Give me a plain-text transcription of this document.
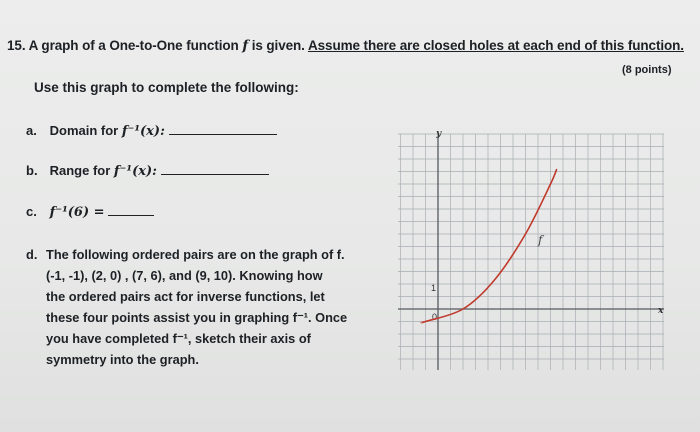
15. A graph of a One-to-One function f is given. Assume there are closed holes at each end of this function.
(8 points)
Use this graph to complete the following:
a. Domain for f⁻¹(x):
b. Range for f⁻¹(x):
c. f⁻¹(6) =
d. The following ordered pairs are on the graph of f.
(-1, -1), (2, 0) , (7, 6), and (9, 10). Knowing how
the ordered pairs act for inverse functions, let
these four points assist you in graphing f⁻¹. Once
you have completed f⁻¹, sketch their axis of
symmetry into the graph.
y
x
1
0
f
